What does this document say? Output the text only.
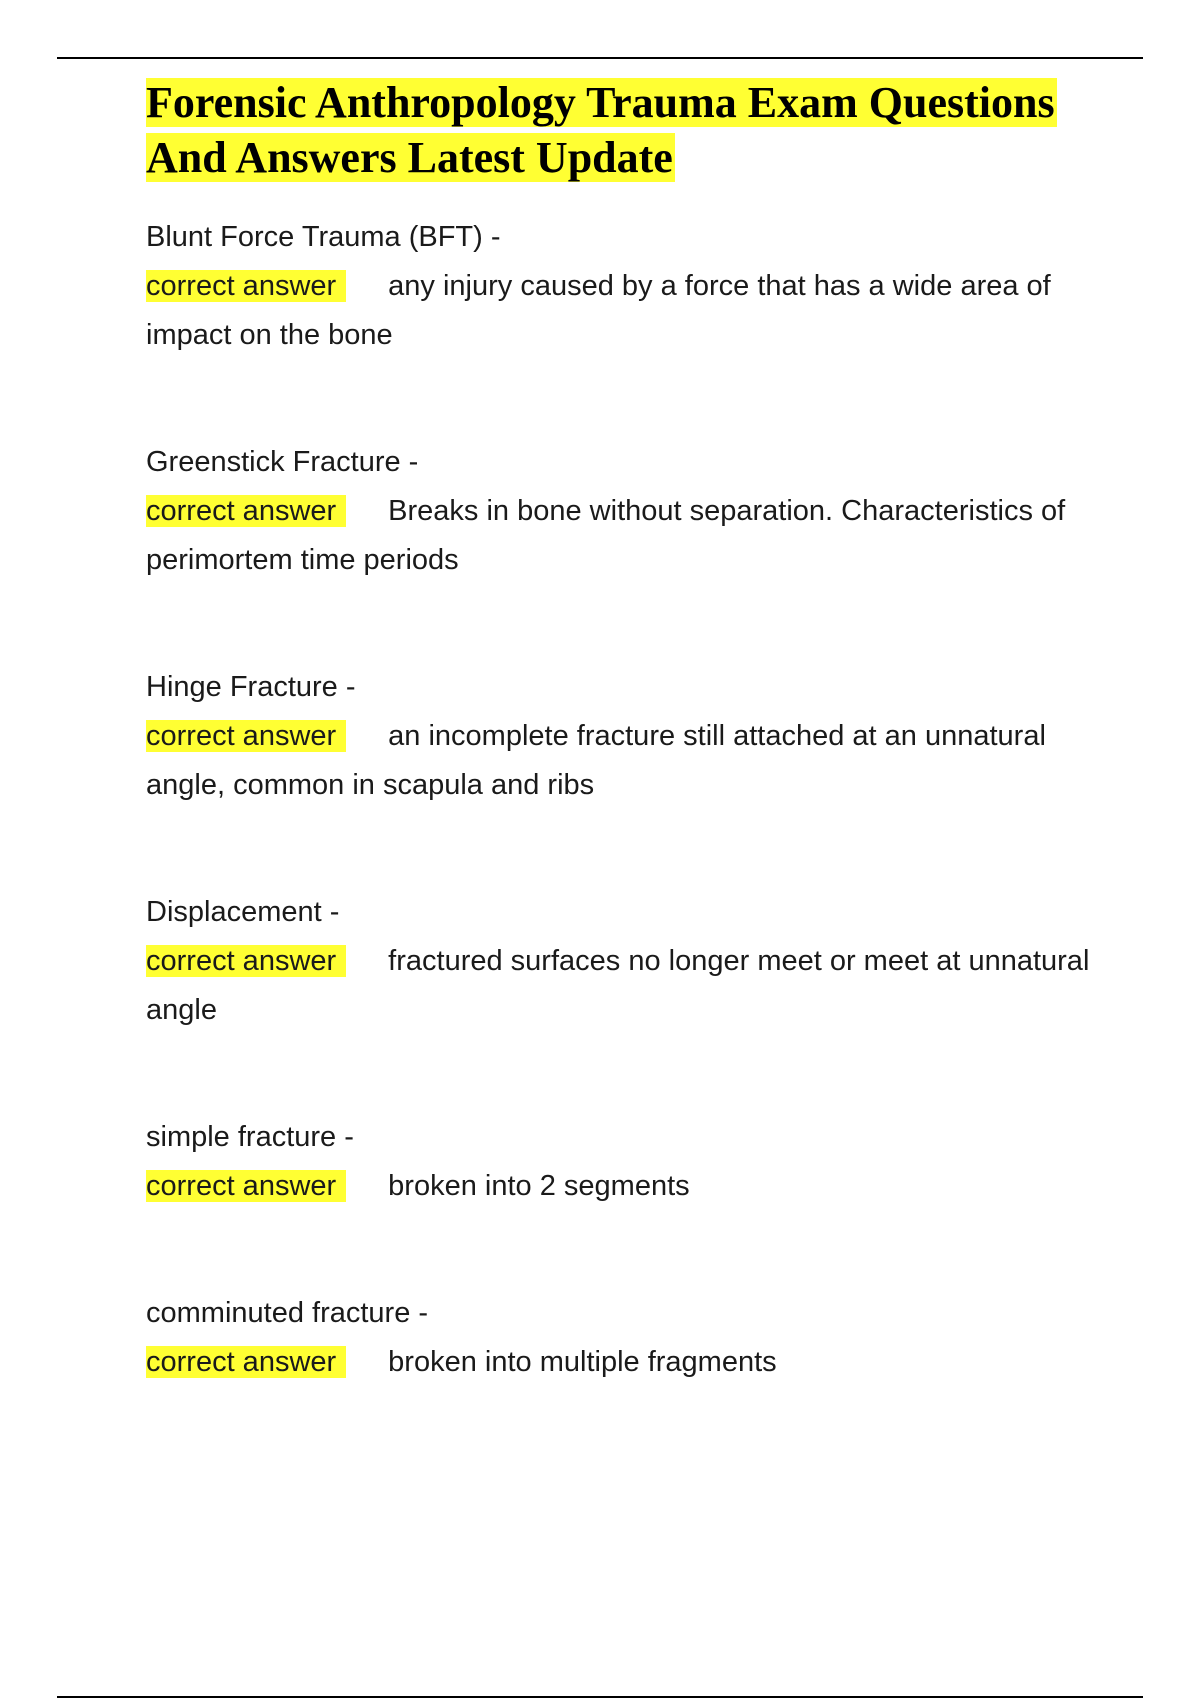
Forensic Anthropology Trauma Exam Questions And Answers Latest Update
Blunt Force Trauma (BFT) -
correct answer any injury caused by a force that has a wide area of impact on the bone
Greenstick Fracture -
correct answer Breaks in bone without separation. Characteristics of perimortem time periods
Hinge Fracture -
correct answer an incomplete fracture still attached at an unnatural angle, common in scapula and ribs
Displacement -
correct answer fractured surfaces no longer meet or meet at unnatural angle
simple fracture -
correct answer broken into 2 segments
comminuted fracture -
correct answer broken into multiple fragments
